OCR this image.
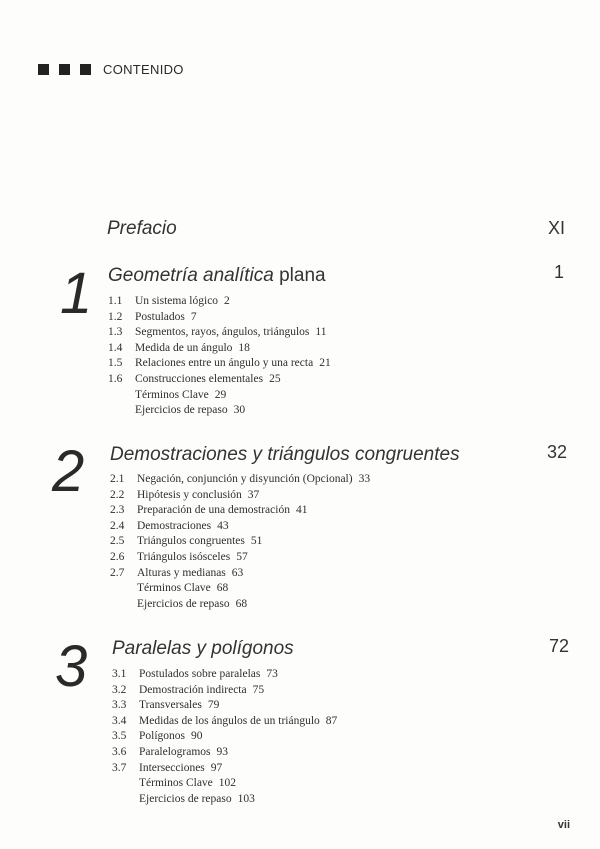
CONTENIDO
Prefacio	XI
1 Geometría analítica plana	1
1.1	Un sistema lógico 2
1.2	Postulados 7
1.3	Segmentos, rayos, ángulos, triángulos 11
1.4	Medida de un ángulo 18
1.5	Relaciones entre un ángulo y una recta 21
1.6	Construcciones elementales 25
Términos Clave 29
Ejercicios de repaso 30
2 Demostraciones y triángulos congruentes	32
2.1	Negación, conjunción y disyunción (Opcional) 33
2.2	Hipótesis y conclusión 37
2.3	Preparación de una demostración 41
2.4	Demostraciones 43
2.5	Triángulos congruentes 51
2.6	Triángulos isósceles 57
2.7	Alturas y medianas 63
Términos Clave 68
Ejercicios de repaso 68
3 Paralelas y polígonos	72
3.1	Postulados sobre paralelas 73
3.2	Demostración indirecta 75
3.3	Transversales 79
3.4	Medidas de los ángulos de un triángulo 87
3.5	Polígonos 90
3.6	Paralelogramos 93
3.7	Intersecciones 97
Términos Clave 102
Ejercicios de repaso 103
vii
